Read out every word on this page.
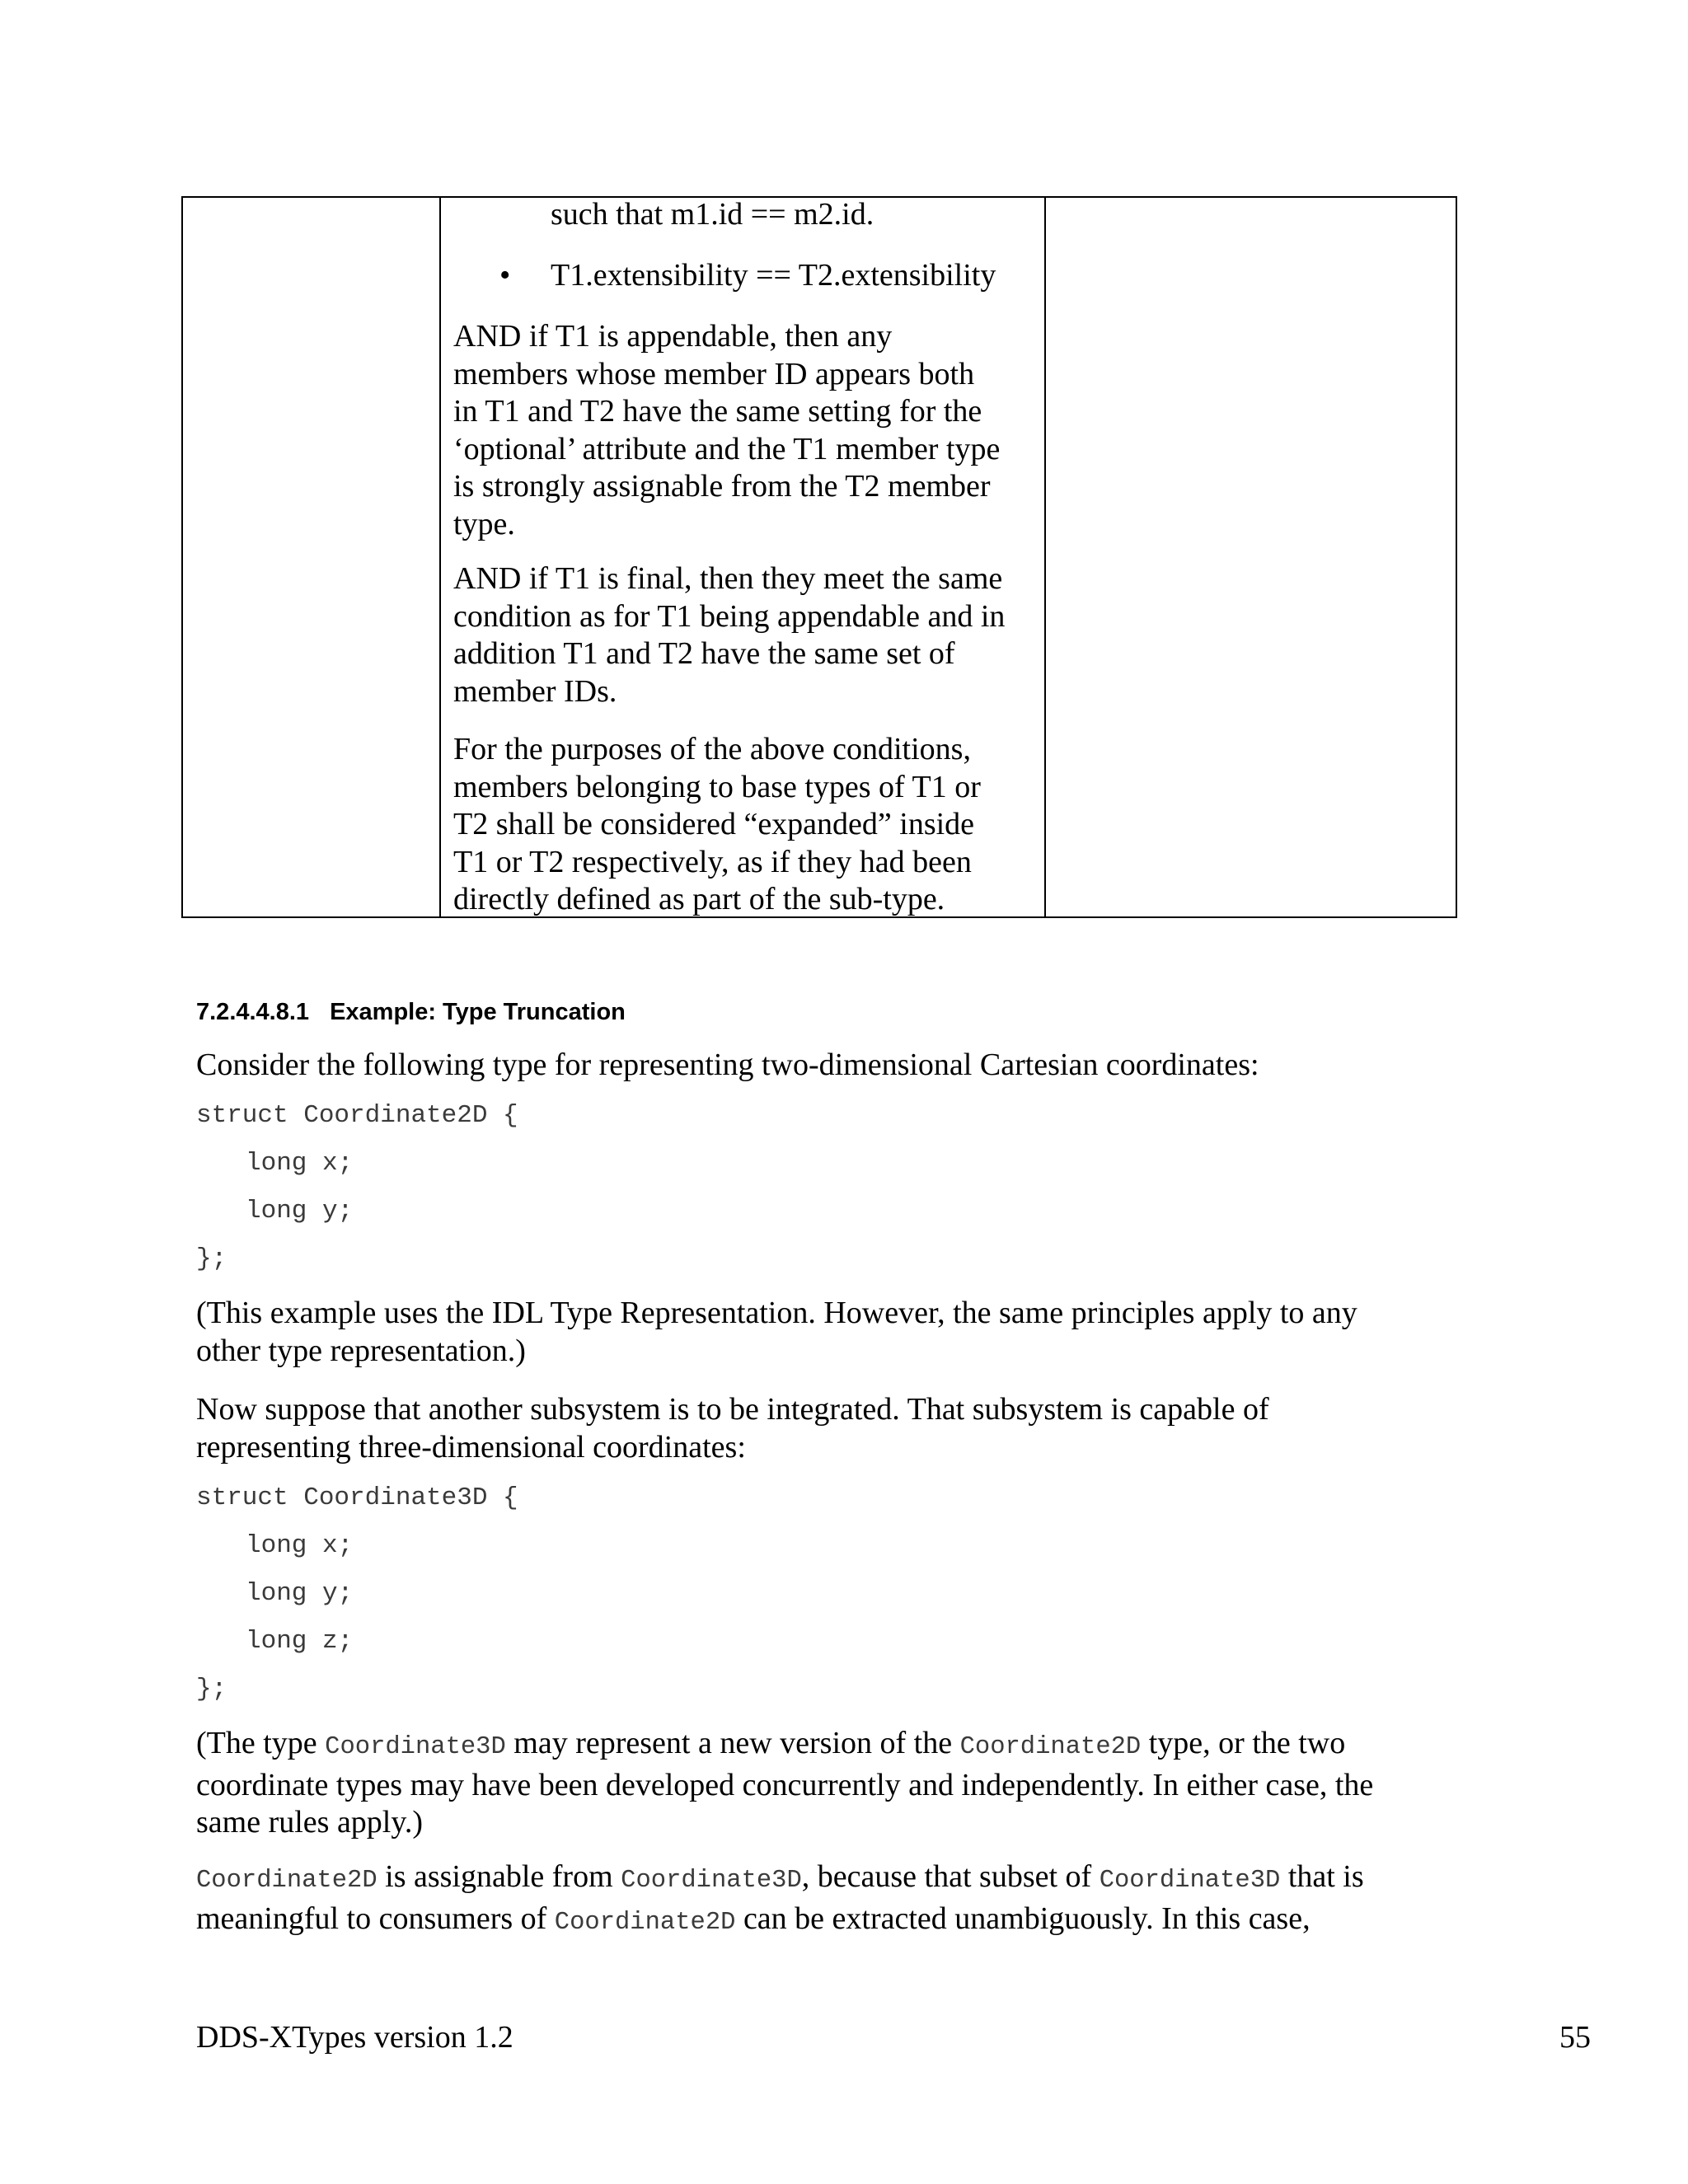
such that m1.id == m2.id.
• T1.extensibility == T2.extensibility
AND if T1 is appendable, then any
members whose member ID appears both
in T1 and T2 have the same setting for the
‘optional’ attribute and the T1 member type
is strongly assignable from the T2 member
type.
AND if T1 is final, then they meet the same
condition as for T1 being appendable and in
addition T1 and T2 have the same set of
member IDs.
For the purposes of the above conditions,
members belonging to base types of T1 or
T2 shall be considered “expanded” inside
T1 or T2 respectively, as if they had been
directly defined as part of the sub-type.
7.2.4.4.8.1 Example: Type Truncation
Consider the following type for representing two-dimensional Cartesian coordinates:
struct Coordinate2D {
long x;
long y;
};
(This example uses the IDL Type Representation. However, the same principles apply to any
other type representation.)
Now suppose that another subsystem is to be integrated. That subsystem is capable of
representing three-dimensional coordinates:
struct Coordinate3D {
long x;
long y;
long z;
};
(The type Coordinate3D may represent a new version of the Coordinate2D type, or the two
coordinate types may have been developed concurrently and independently. In either case, the
same rules apply.)
Coordinate2D is assignable from Coordinate3D, because that subset of Coordinate3D that is
meaningful to consumers of Coordinate2D can be extracted unambiguously. In this case,
DDS-XTypes version 1.2	55
